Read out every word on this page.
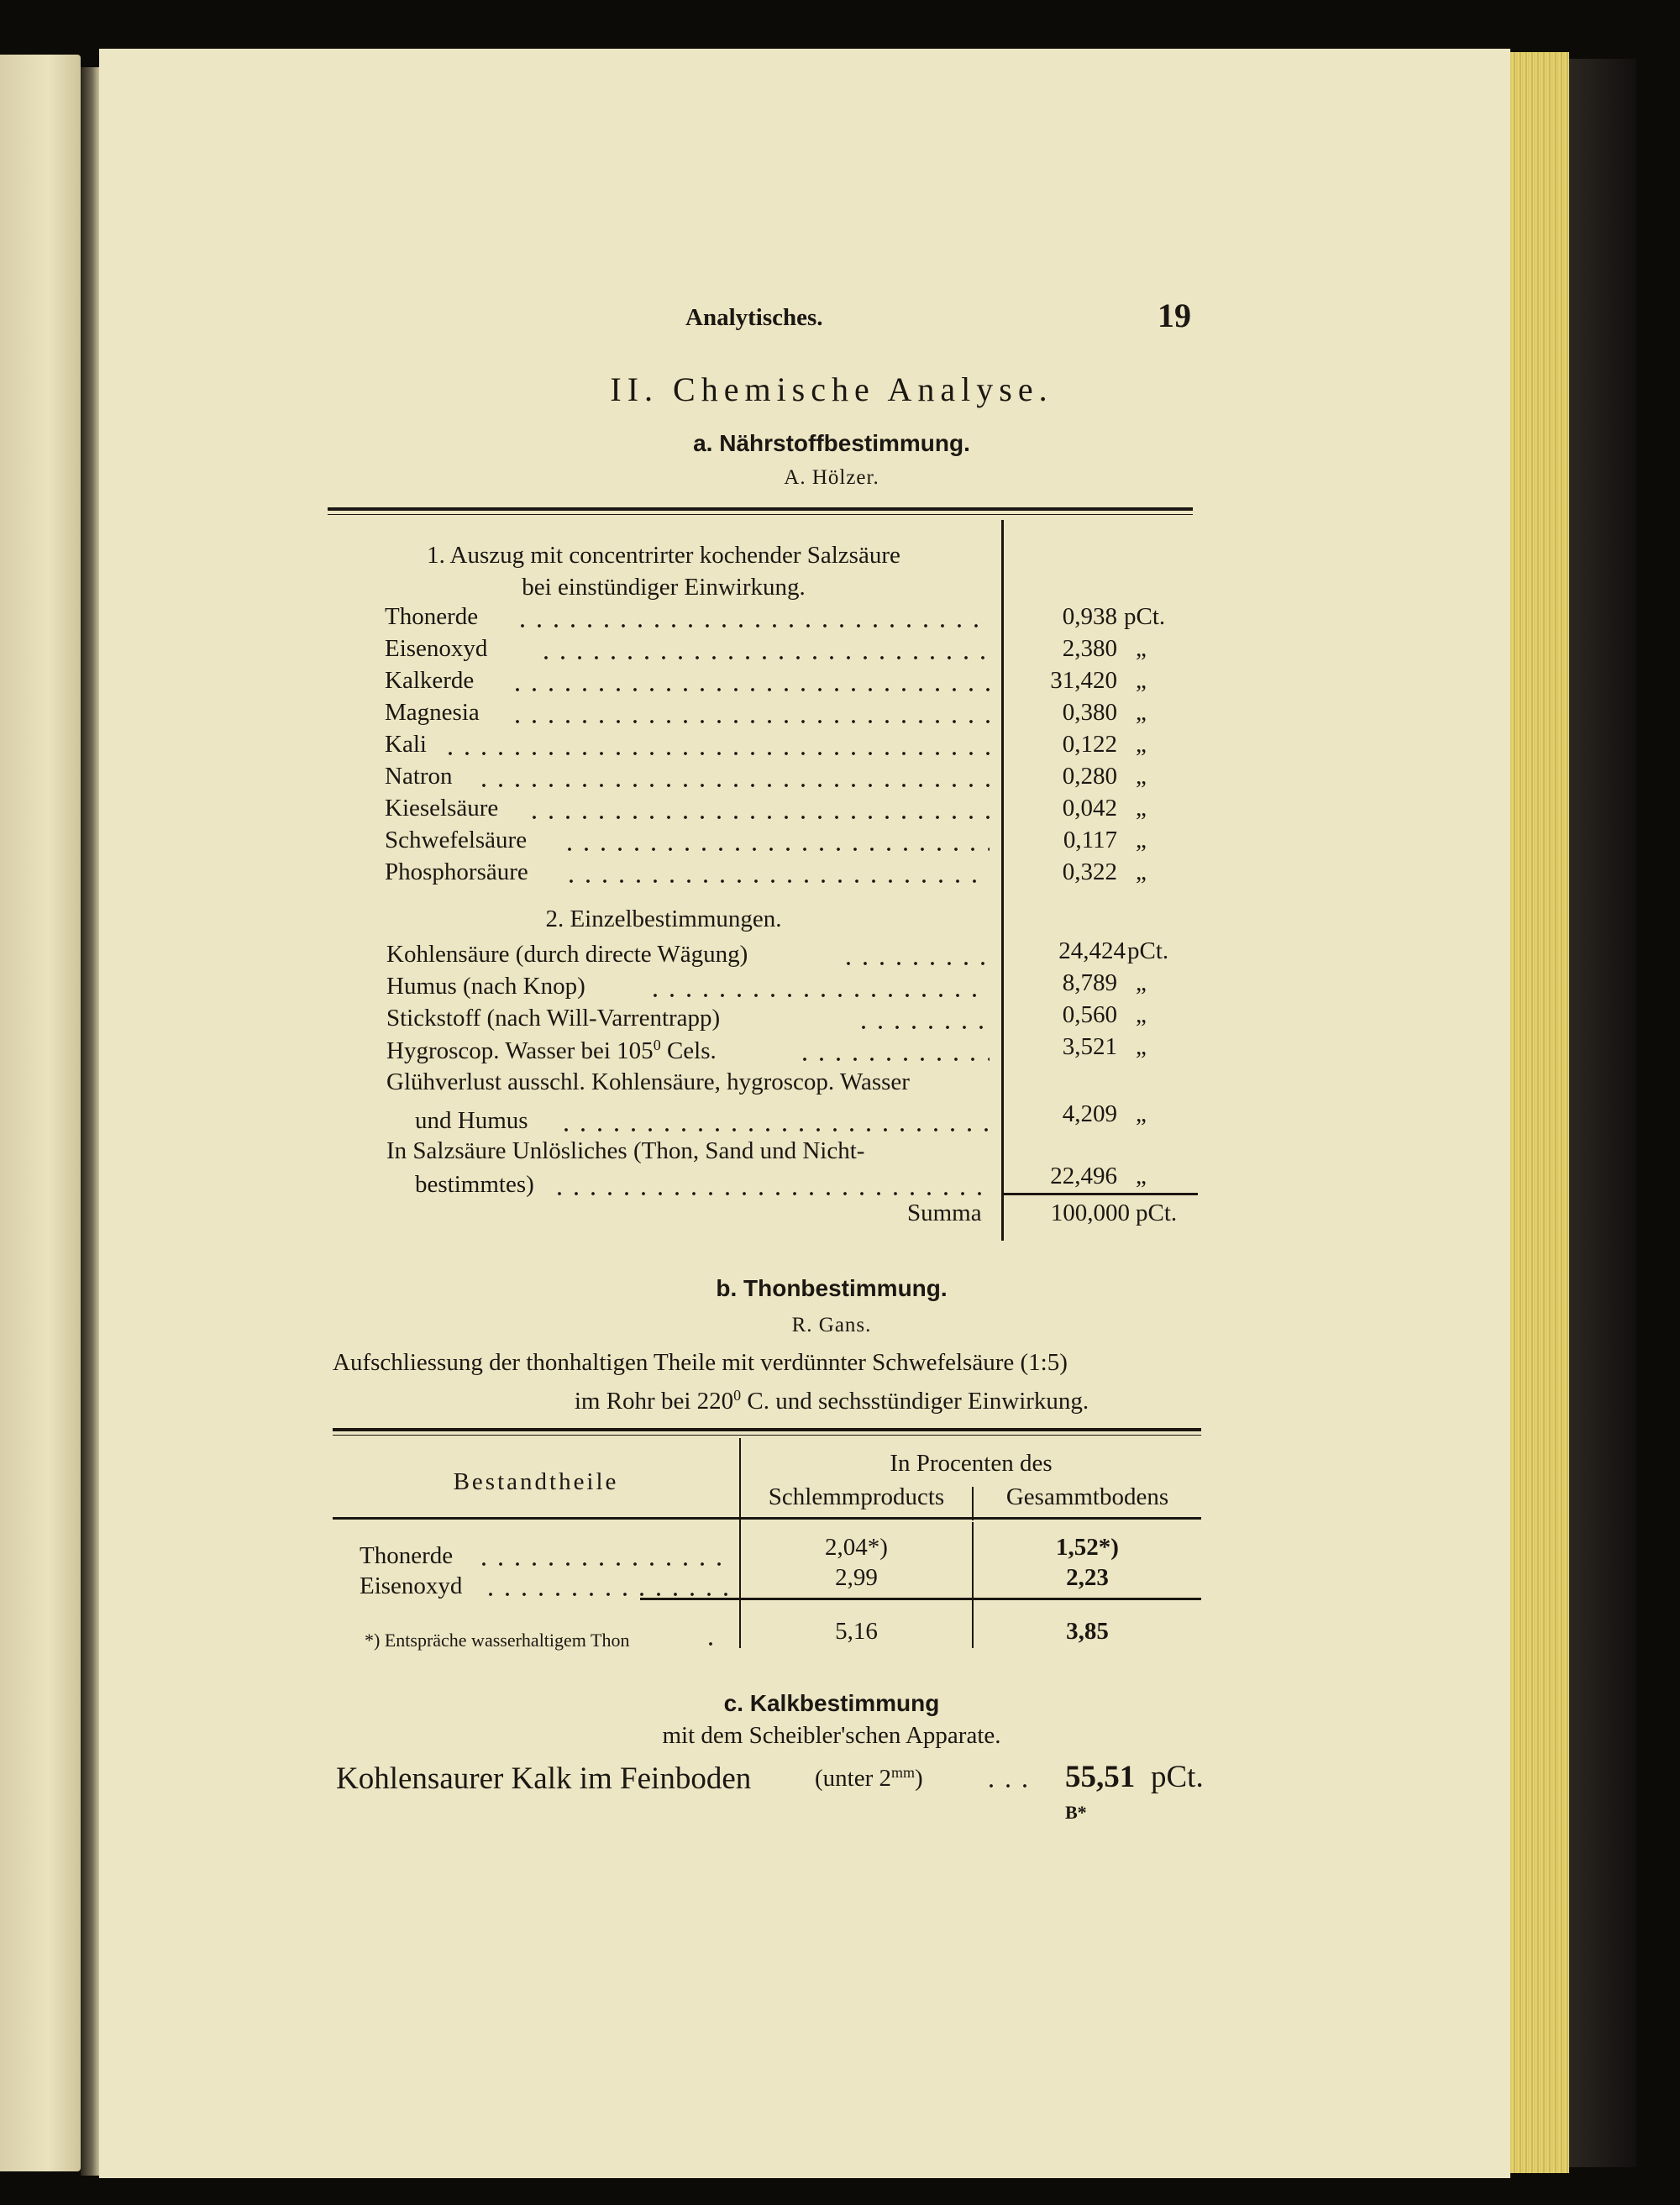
Analytisches.	19
II. Chemische Analyse.
a. Nährstoffbestimmung.
A. Hölzer.
1. Auszug mit concentrirter kochender Salzsäure
bei einstündiger Einwirkung.
Thonerde	0,938 pCt.
Eisenoxyd	2,380 „
Kalkerde	31,420 „
Magnesia	0,380 „
Kali	0,122 „
Natron	0,280 „
Kieselsäure	0,042 „
Schwefelsäure	0,117 „
Phosphorsäure	0,322 „
2. Einzelbestimmungen.
Kohlensäure (durch directe Wägung)	24,424 pCt.
Humus (nach Knop)	8,789 „
Stickstoff (nach Will-Varrentrapp)	0,560 „
Hygroscop. Wasser bei $105^0$ Cels.	3,521 „
Glühverlust ausschl. Kohlensäure, hygroscop. Wasser
und Humus	4,209 „
In Salzsäure Unlösliches (Thon, Sand und Nicht-
bestimmtes)	22,496 „
Summa	100,000 pCt.
b. Thonbestimmung.
R. Gans.
Aufschliessung der thonhaltigen Theile mit verdünnter Schwefelsäure (1:5)
im Rohr bei $220^0$ C. und sechsstündiger Einwirkung.
Bestandtheile
In Procenten des
Schlemmproducts	Gesammtbodens
Thonerde	2,04*)	1,52*)
Eisenoxyd	2,99	2,23
*) Entspräche wasserhaltigem Thon	5,16	3,85
c. Kalkbestimmung
mit dem Scheibler'schen Apparate.
Kohlensaurer Kalk im Feinboden	(unter $2^{mm}$)	55,51 pCt.
B*
